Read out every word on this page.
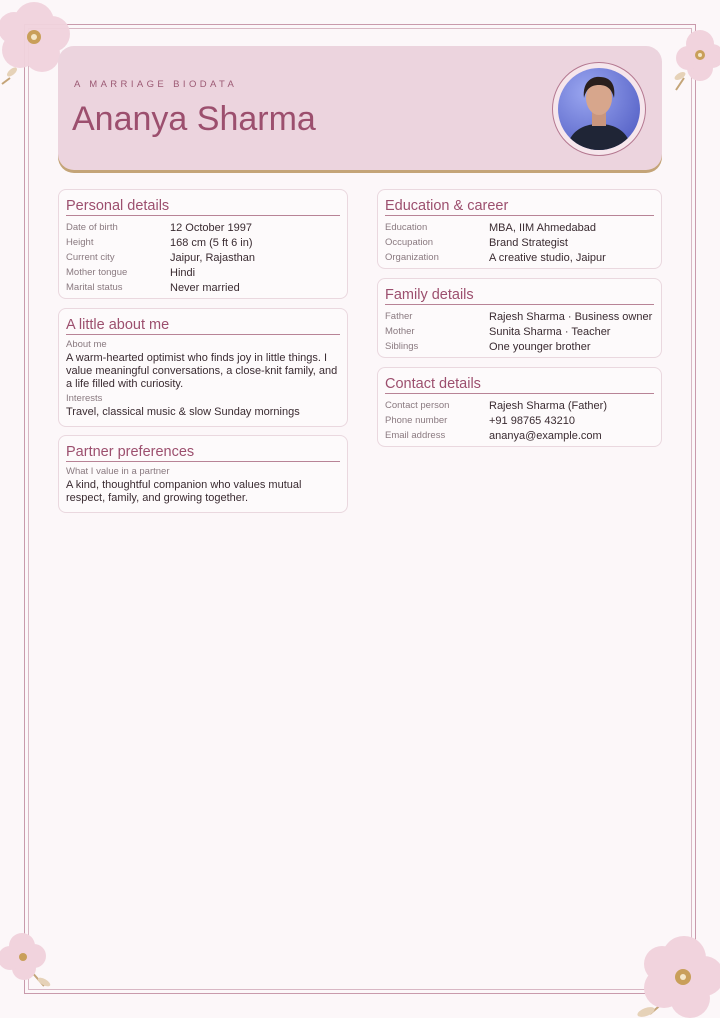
A MARRIAGE BIODATA
Ananya Sharma
Personal details
Date of birth	12 October 1997
Height	168 cm (5 ft 6 in)
Current city	Jaipur, Rajasthan
Mother tongue	Hindi
Marital status	Never married
A little about me
About me
A warm-hearted optimist who finds joy in little things. I value meaningful conversations, a close-knit family, and a life filled with curiosity.
Interests
Travel, classical music & slow Sunday mornings
Partner preferences
What I value in a partner
A kind, thoughtful companion who values mutual respect, family, and growing together.
Education & career
Education	MBA, IIM Ahmedabad
Occupation	Brand Strategist
Organization	A creative studio, Jaipur
Family details
Father	Rajesh Sharma · Business owner
Mother	Sunita Sharma · Teacher
Siblings	One younger brother
Contact details
Contact person	Rajesh Sharma (Father)
Phone number	+91 98765 43210
Email address	ananya@example.com
